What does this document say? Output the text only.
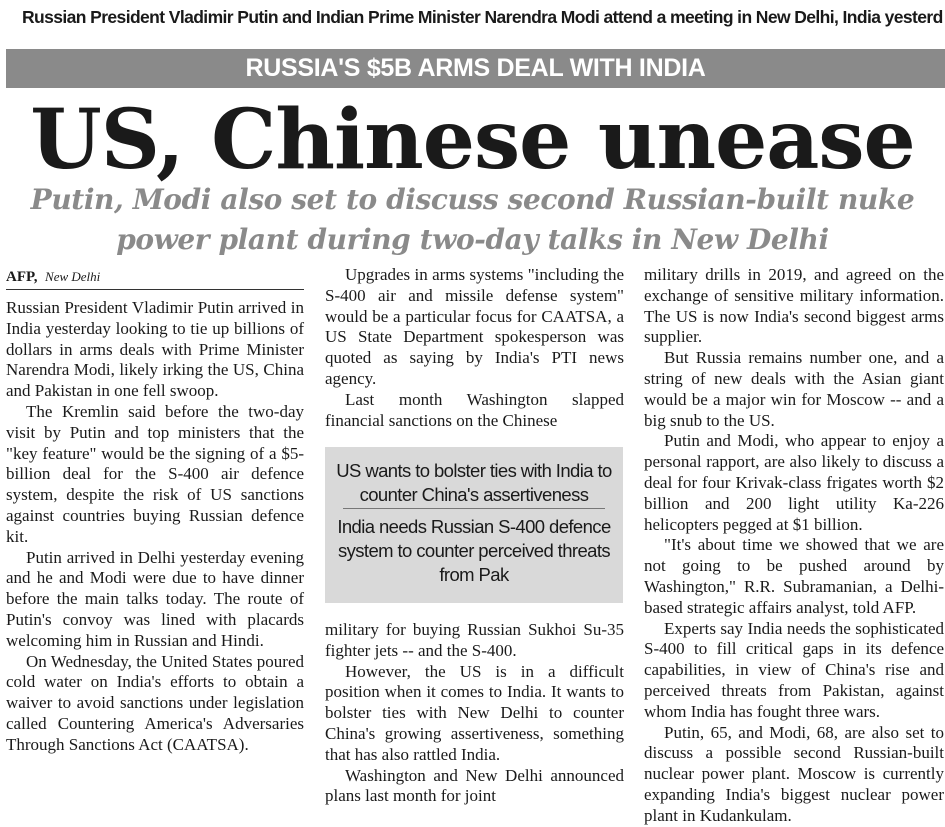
Russian President Vladimir Putin and Indian Prime Minister Narendra Modi attend a meeting in New Delhi, India yesterd
RUSSIA'S $5B ARMS DEAL WITH INDIA
US, Chinese unease
Putin, Modi also set to discuss second Russian-built nuke
power plant during two-day talks in New Delhi
AFP, New Delhi

Russian President Vladimir Putin arrived in India yesterday looking to tie up billions of dollars in arms deals with Prime Minister Narendra Modi, likely irking the US, China and Pakistan in one fell swoop.

The Kremlin said before the two-day visit by Putin and top ministers that the "key feature" would be the signing of a $5-billion deal for the S-400 air defence system, despite the risk of US sanctions against countries buying Russian defence kit.

Putin arrived in Delhi yesterday evening and he and Modi were due to have dinner before the main talks today. The route of Putin's convoy was lined with placards welcoming him in Russian and Hindi.

On Wednesday, the United States poured cold water on India's efforts to obtain a waiver to avoid sanctions under legislation called Countering America's Adversaries Through Sanctions Act (CAATSA).

Upgrades in arms systems "including the S-400 air and missile defense system" would be a particular focus for CAATSA, a US State Department spokesperson was quoted as saying by India's PTI news agency.

Last month Washington slapped financial sanctions on the Chinese

US wants to bolster ties with India to counter China's assertiveness
India needs Russian S-400 defence system to counter perceived threats from Pak

military for buying Russian Sukhoi Su-35 fighter jets -- and the S-400.

However, the US is in a difficult position when it comes to India. It wants to bolster ties with New Delhi to counter China's growing assertiveness, something that has also rattled India.

Washington and New Delhi announced plans last month for joint

military drills in 2019, and agreed on the exchange of sensitive military information. The US is now India's second biggest arms supplier.

But Russia remains number one, and a string of new deals with the Asian giant would be a major win for Moscow -- and a big snub to the US.

Putin and Modi, who appear to enjoy a personal rapport, are also likely to discuss a deal for four Krivak-class frigates worth $2 billion and 200 light utility Ka-226 helicopters pegged at $1 billion.

"It's about time we showed that we are not going to be pushed around by Washington," R.R. Subramanian, a Delhi-based strategic affairs analyst, told AFP.

Experts say India needs the sophisticated S-400 to fill critical gaps in its defence capabilities, in view of China's rise and perceived threats from Pakistan, against whom India has fought three wars.

Putin, 65, and Modi, 68, are also set to discuss a possible second Russian-built nuclear power plant. Moscow is currently expanding India's biggest nuclear power plant in Kudankulam.
